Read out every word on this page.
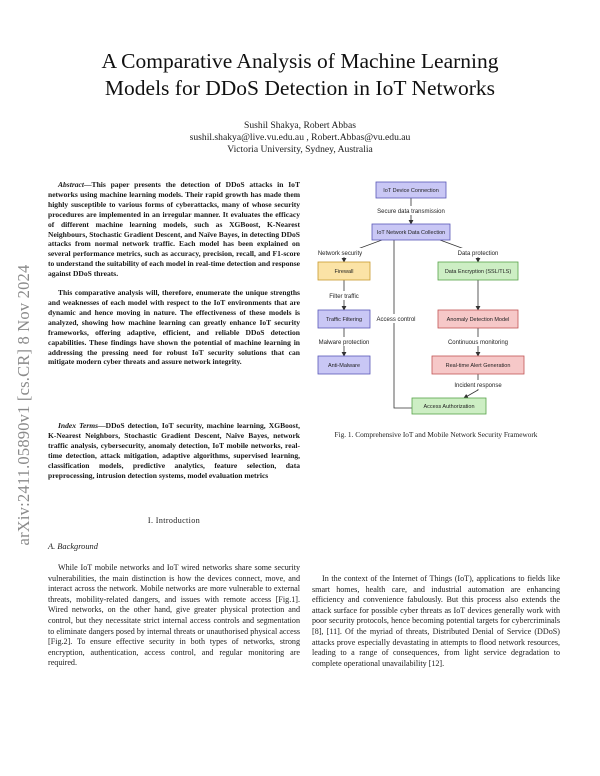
arXiv:2411.05890v1 [cs.CR] 8 Nov 2024
A Comparative Analysis of Machine Learning
Models for DDoS Detection in IoT Networks
Sushil Shakya, Robert Abbas
sushil.shakya@live.vu.edu.au , Robert.Abbas@vu.edu.au
Victoria University, Sydney, Australia

Abstract—This paper presents the detection of DDoS attacks in IoT networks using machine learning models. Their rapid growth has made them highly susceptible to various forms of cyberattacks, many of whose security procedures are implemented in an irregular manner. It evaluates the efficacy of different machine learning models, such as XGBoost, K-Nearest Neighbours, Stochastic Gradient Descent, and Naïve Bayes, in detecting DDoS attacks from normal network traffic. Each model has been explained on several performance metrics, such as accuracy, precision, recall, and F1-score to understand the suitability of each model in real-time detection and response against DDoS threats.

This comparative analysis will, therefore, enumerate the unique strengths and weaknesses of each model with respect to the IoT environments that are dynamic and hence moving in nature. The effectiveness of these models is analyzed, showing how machine learning can greatly enhance IoT security frameworks, offering adaptive, efficient, and reliable DDoS detection capabilities. These findings have shown the potential of machine learning in addressing the pressing need for robust IoT security solutions that can mitigate modern cyber threats and assure network integrity.

Index Terms—DDoS detection, IoT security, machine learning, XGBoost, K-Nearest Neighbors, Stochastic Gradient Descent, Naïve Bayes, network traffic analysis, cybersecurity, anomaly detection, IoT mobile networks, real-time detection, attack mitigation, adaptive algorithms, supervised learning, classification models, predictive analytics, feature selection, data preprocessing, intrusion detection systems, model evaluation metrics

I. Introduction
A. Background

While IoT mobile networks and IoT wired networks share some security vulnerabilities, the main distinction is how the devices connect, move, and interact across the network. Mobile networks are more vulnerable to external threats, mobility-related dangers, and issues with remote access [Fig.1]. Wired networks, on the other hand, give greater physical protection and control, but they necessitate strict internal access controls and segmentation to eliminate dangers posed by internal threats or unauthorised physical access [Fig.2]. To ensure effective security in both types of networks, strong encryption, authentication, access control, and regular monitoring are required.

In the context of the Internet of Things (IoT), applications to fields like smart homes, health care, and industrial automation are enhancing efficiency and convenience fabulously. But this process also extends the attack surface for possible cyber threats as IoT devices generally work with poor security protocols, hence becoming potential targets for cybercriminals [8], [11]. Of the myriad of threats, Distributed Denial of Service (DDoS) attacks prove especially devastating in attempts to flood network resources, leading to a range of consequences, from light service degradation to complete operational unavailability [12].

Secure data transmission
Network security	Data protection
Filter traffic
Malware protection
Access control
Continuous monitoring
Incident response
IoT Device Connection
IoT Network Data Collection
Firewall	Data Encryption (SSL/TLS)
Traffic Filtering	Anomaly Detection Model
Anti-Malware	Real-time Alert Generation
Access Authorization
Fig. 1. Comprehensive IoT and Mobile Network Security Framework
